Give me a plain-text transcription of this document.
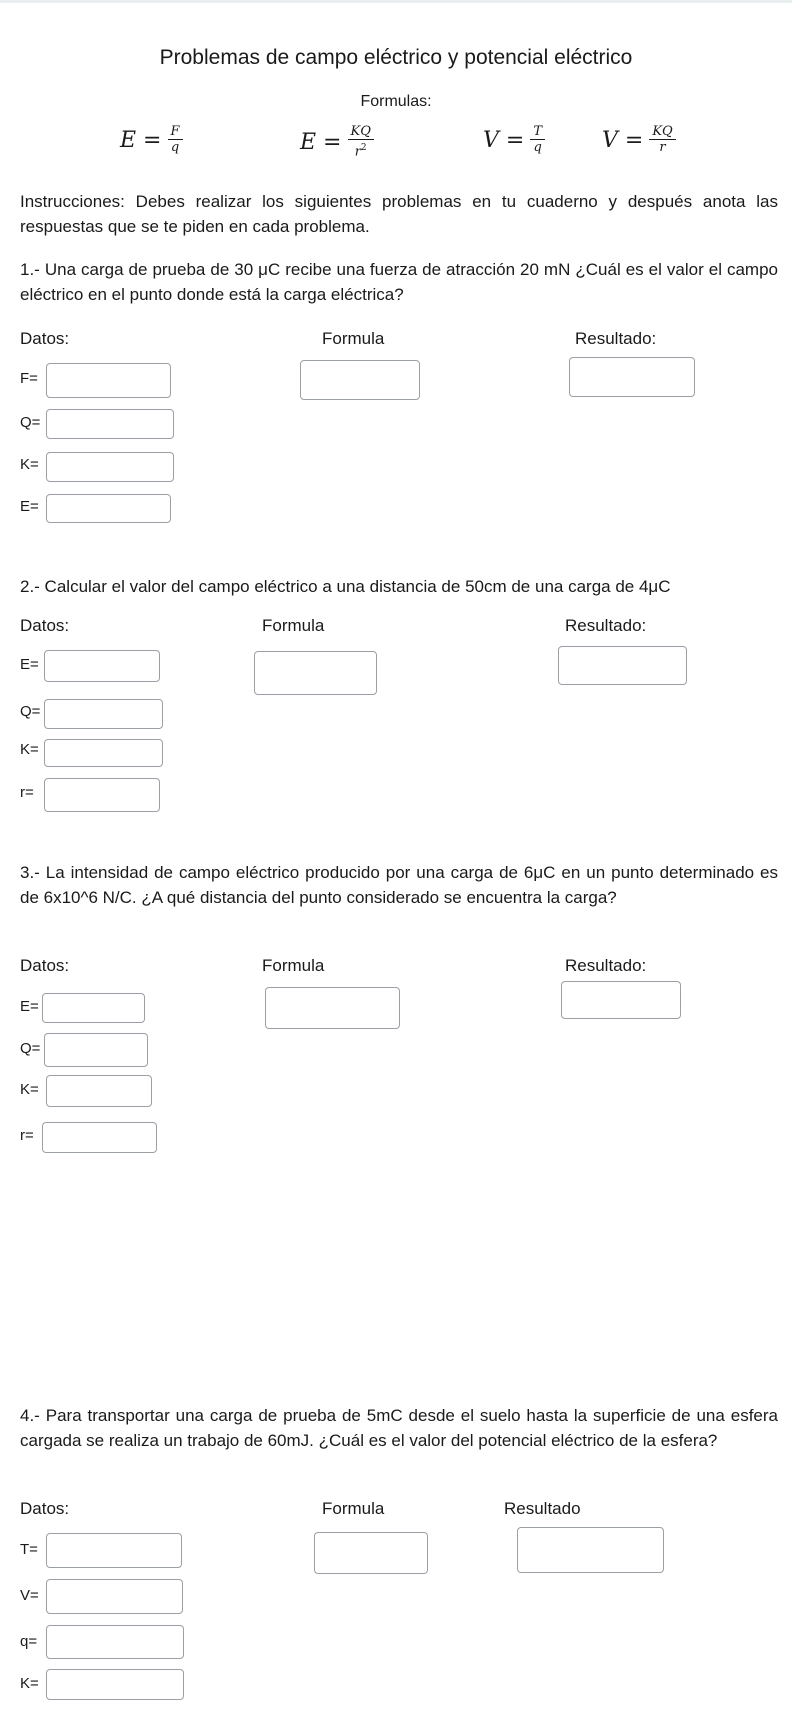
Problemas de campo eléctrico y potencial eléctrico
Formulas:
$E = \frac{F}{q}$	$E = \frac{KQ}{r^2}$	$V = \frac{T}{q}$	$V = \frac{KQ}{r}$
Instrucciones: Debes realizar los siguientes problemas en tu cuaderno y después anota las respuestas que se te piden en cada problema.
1.- Una carga de prueba de 30 μC recibe una fuerza de atracción 20 mN ¿Cuál es el valor el campo eléctrico en el punto donde está la carga eléctrica?
Datos:	Formula	Resultado:
F=
Q=
K=
E=
2.- Calcular el valor del campo eléctrico a una distancia de 50cm de una carga de 4μC
Datos:	Formula	Resultado:
E=
Q=
K=
r=
3.- La intensidad de campo eléctrico producido por una carga de 6μC en un punto determinado es de 6x10^6 N/C. ¿A qué distancia del punto considerado se encuentra la carga?
Datos:	Formula	Resultado:
E=
Q=
K=
r=
4.- Para transportar una carga de prueba de 5mC desde el suelo hasta la superficie de una esfera cargada se realiza un trabajo de 60mJ. ¿Cuál es el valor del potencial eléctrico de la esfera?
Datos:	Formula	Resultado
T=
V=
q=
K=
